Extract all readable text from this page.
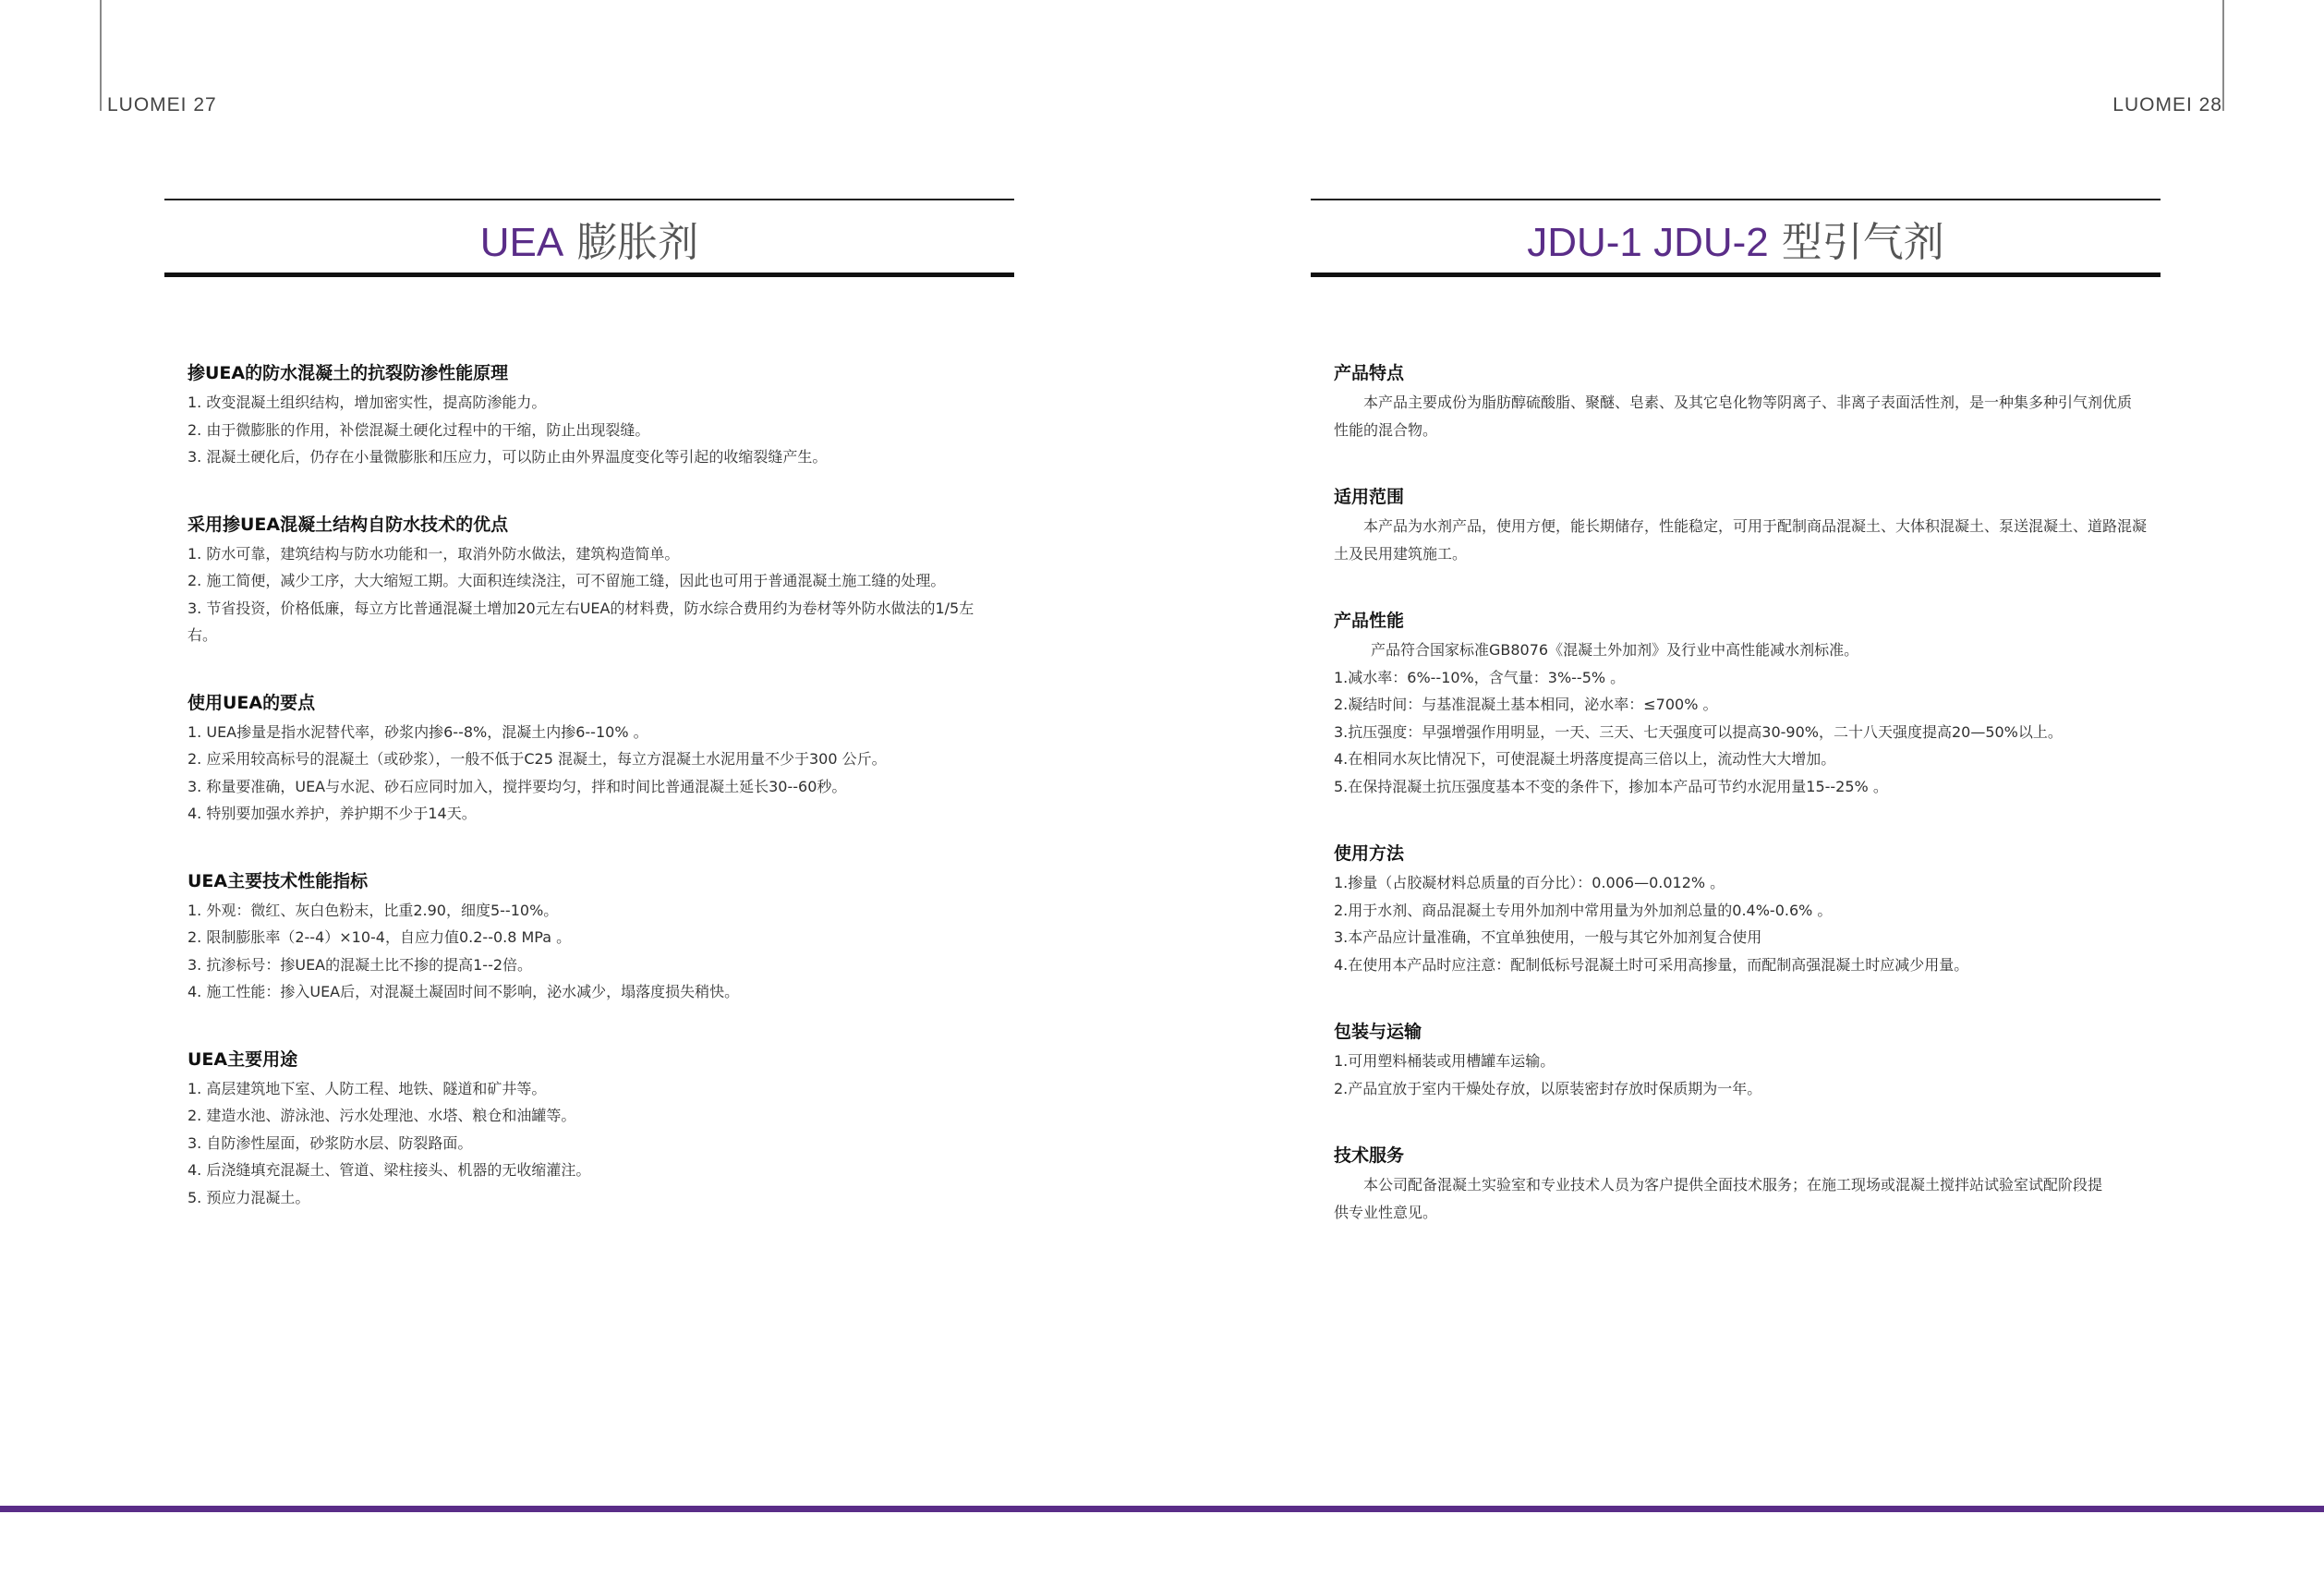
LUOMEI 27	LUOMEI 28
UEA 膨胀剂
掺UEA的防水混凝土的抗裂防渗性能原理
1. 改变混凝土组织结构，增加密实性，提高防渗能力。
2. 由于微膨胀的作用，补偿混凝土硬化过程中的干缩，防止出现裂缝。
3. 混凝土硬化后，仍存在小量微膨胀和压应力，可以防止由外界温度变化等引起的收缩裂缝产生。
采用掺UEA混凝土结构自防水技术的优点
1. 防水可靠，建筑结构与防水功能和一，取消外防水做法，建筑构造简单。
2. 施工简便，减少工序，大大缩短工期。大面积连续浇注，可不留施工缝，因此也可用于普通混凝土施工缝的处理。
3. 节省投资，价格低廉，每立方比普通混凝土增加20元左右UEA的材料费，防水综合费用约为卷材等外防水做法的1/5左
右。
使用UEA的要点
1. UEA掺量是指水泥替代率，砂浆内掺6--8%，混凝土内掺6--10% 。
2. 应采用较高标号的混凝土（或砂浆），一般不低于C25 混凝土，每立方混凝土水泥用量不少于300 公斤。
3. 称量要准确，UEA与水泥、砂石应同时加入，搅拌要均匀，拌和时间比普通混凝土延长30--60秒。
4. 特别要加强水养护，养护期不少于14天。
UEA主要技术性能指标
1. 外观：微红、灰白色粉末，比重2.90，细度5--10%。
2. 限制膨胀率（2--4）×10-4，自应力值0.2--0.8 MPa 。
3. 抗渗标号：掺UEA的混凝土比不掺的提高1--2倍。
4. 施工性能：掺入UEA后，对混凝土凝固时间不影响，泌水减少，塌落度损失稍快。
UEA主要用途
1. 高层建筑地下室、人防工程、地铁、隧道和矿井等。
2. 建造水池、游泳池、污水处理池、水塔、粮仓和油罐等。
3. 自防渗性屋面，砂浆防水层、防裂路面。
4. 后浇缝填充混凝土、管道、梁柱接头、机器的无收缩灌注。
5. 预应力混凝土。
JDU-1 JDU-2 型引气剂
产品特点
本产品主要成份为脂肪醇硫酸脂、聚醚、皂素、及其它皂化物等阴离子、非离子表面活性剂，是一种集多种引气剂优质
性能的混合物。
适用范围
本产品为水剂产品，使用方便，能长期储存，性能稳定，可用于配制商品混凝土、大体积混凝土、泵送混凝土、道路混凝
土及民用建筑施工。
产品性能
产品符合国家标准GB8076《混凝土外加剂》及行业中高性能减水剂标准。
1.减水率：6%--10%，含气量：3%--5% 。
2.凝结时间：与基准混凝土基本相同，泌水率：≤700% 。
3.抗压强度：早强增强作用明显，一天、三天、七天强度可以提高30-90%，二十八天强度提高20—50%以上。
4.在相同水灰比情况下，可使混凝土坍落度提高三倍以上，流动性大大增加。
5.在保持混凝土抗压强度基本不变的条件下，掺加本产品可节约水泥用量15--25% 。
使用方法
1.掺量（占胶凝材料总质量的百分比）：0.006—0.012% 。
2.用于水剂、商品混凝土专用外加剂中常用量为外加剂总量的0.4%-0.6% 。
3.本产品应计量准确，不宜单独使用，一般与其它外加剂复合使用
4.在使用本产品时应注意：配制低标号混凝土时可采用高掺量，而配制高强混凝土时应减少用量。
包装与运输
1.可用塑料桶装或用槽罐车运输。
2.产品宜放于室内干燥处存放，以原装密封存放时保质期为一年。
技术服务
本公司配备混凝土实验室和专业技术人员为客户提供全面技术服务；在施工现场或混凝土搅拌站试验室试配阶段提
供专业性意见。
